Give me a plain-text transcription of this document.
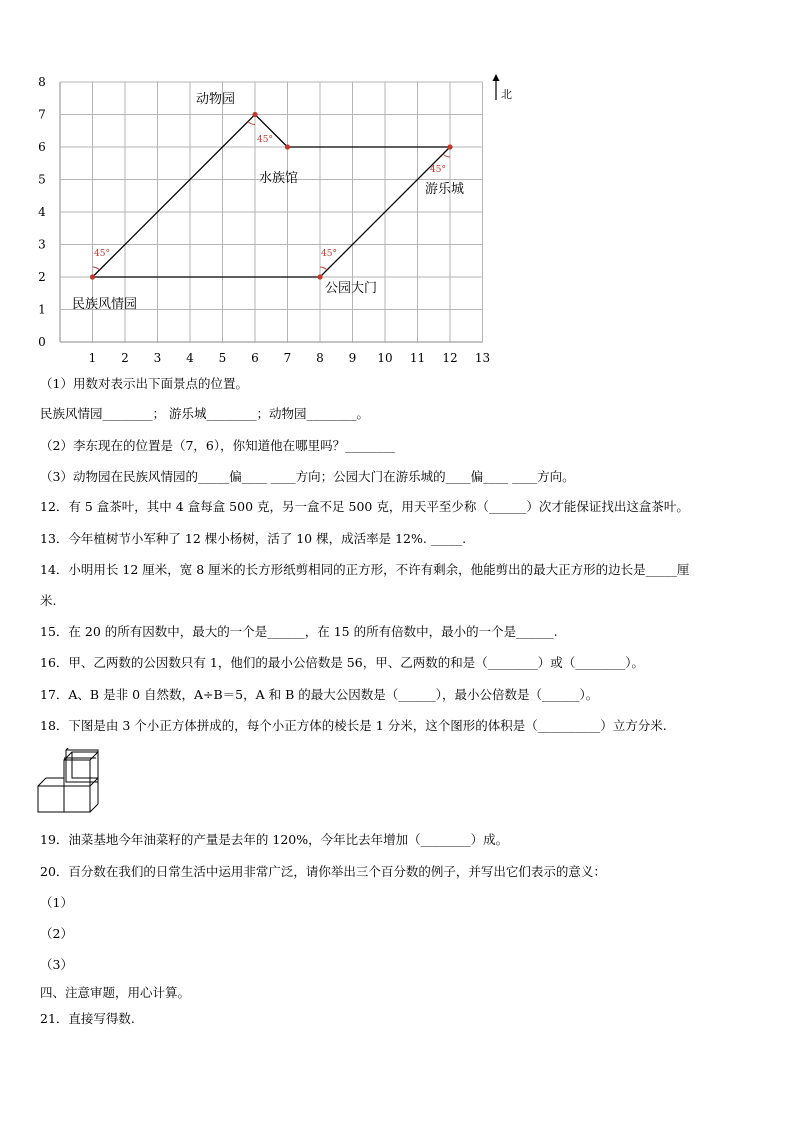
0
1
2
3
4
5
6
7
8
1 2 3 4 5 6 7 8 9 10 11 12 13
北
动物园
水族馆
游乐城
民族风情园
公园大门
45°	45°
45°
45°
（1）用数对表示出下面景点的位置。
民族风情园________； 游乐城________；动物园________。
（2）李东现在的位置是（7，6），你知道他在哪里吗？________
（3）动物园在民族风情园的_____偏____ ____方向；公园大门在游乐城的____偏____ ____方向。
12．有 5 盒茶叶，其中 4 盒每盒 500 克，另一盒不足 500 克，用天平至少称（______）次才能保证找出这盒茶叶。
13．今年植树节小军种了 12 棵小杨树，活了 10 棵，成活率是 12%. _____.
14．小明用长 12 厘米，宽 8 厘米的长方形纸剪相同的正方形，不许有剩余，他能剪出的最大正方形的边长是_____厘
米.
15．在 20 的所有因数中，最大的一个是______，在 15 的所有倍数中，最小的一个是______.
16．甲、乙两数的公因数只有 1，他们的最小公倍数是 56，甲、乙两数的和是（________）或（________）。
17．A、B 是非 0 自然数，A÷B＝5，A 和 B 的最大公因数是（______），最小公倍数是（______）。
18．下图是由 3 个小正方体拼成的，每个小正方体的棱长是 1 分米，这个图形的体积是（__________）立方分米.
19．油菜基地今年油菜籽的产量是去年的 120%，今年比去年增加（________）成。
20．百分数在我们的日常生活中运用非常广泛，请你举出三个百分数的例子，并写出它们表示的意义：
（1）
（2）
（3）
四、注意审题，用心计算。
21．直接写得数.
